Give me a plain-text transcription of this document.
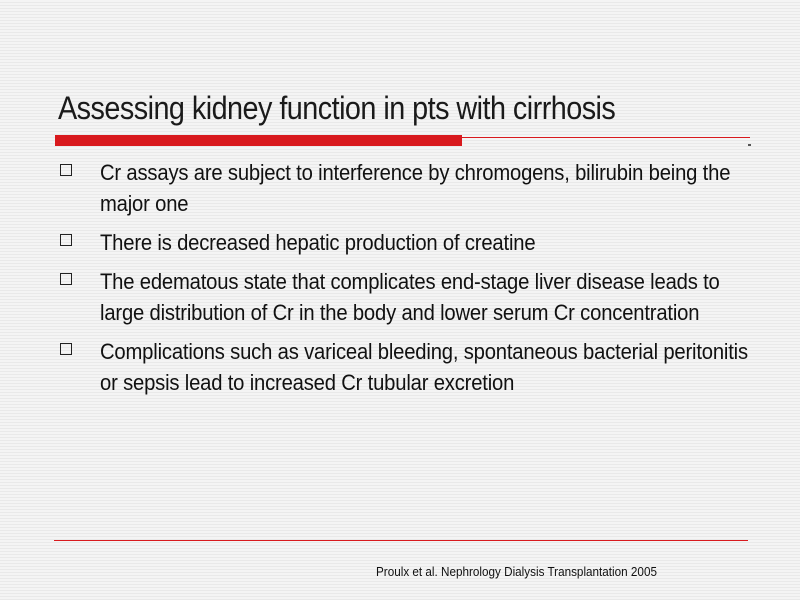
Assessing kidney function in pts with cirrhosis
Cr assays are subject to interference by chromogens, bilirubin being the major one
There is decreased hepatic production of creatine
The edematous state that complicates end-stage liver disease leads to large distribution of Cr in the body and lower serum Cr concentration
Complications such as variceal bleeding, spontaneous bacterial peritonitis or sepsis lead to increased Cr tubular excretion
Proulx et al. Nephrology Dialysis Transplantation 2005
